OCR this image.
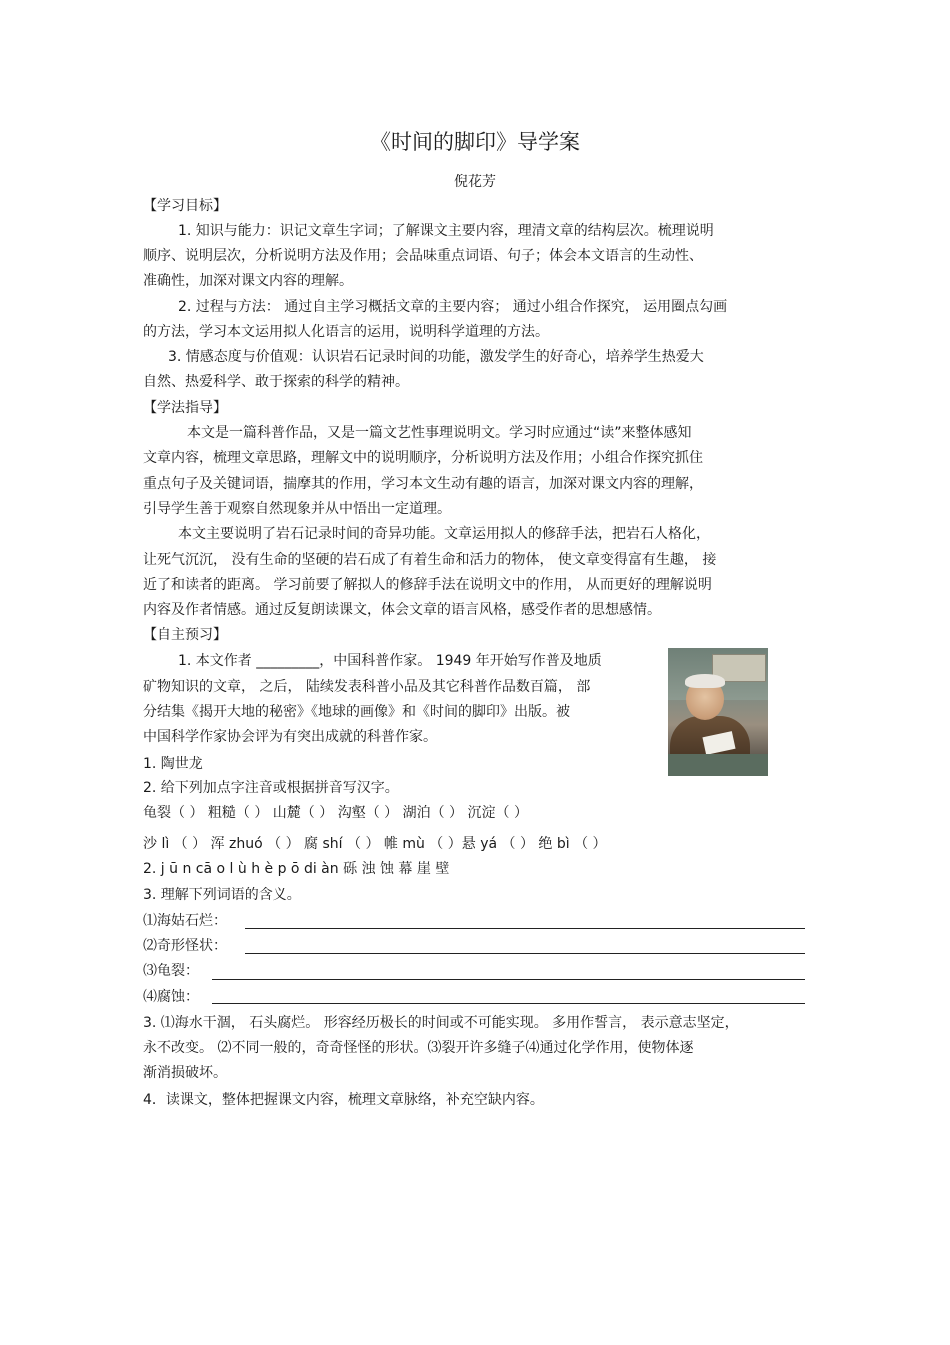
《时间的脚印》导学案
倪花芳
【学习目标】
1. 知识与能力：识记文章生字词；了解课文主要内容，理清文章的结构层次。梳理说明
顺序、说明层次，分析说明方法及作用；会品味重点词语、句子；体会本文语言的生动性、
准确性，加深对课文内容的理解。
2. 过程与方法： 通过自主学习概括文章的主要内容； 通过小组合作探究， 运用圈点勾画
的方法，学习本文运用拟人化语言的运用，说明科学道理的方法。
3. 情感态度与价值观：认识岩石记录时间的功能，激发学生的好奇心，培养学生热爱大
自然、热爱科学、敢于探索的科学的精神。
【学法指导】
本文是一篇科普作品，又是一篇文艺性事理说明文。学习时应通过“读”来整体感知
文章内容，梳理文章思路，理解文中的说明顺序，分析说明方法及作用；小组合作探究抓住
重点句子及关键词语，揣摩其的作用，学习本文生动有趣的语言，加深对课文内容的理解，
引导学生善于观察自然现象并从中悟出一定道理。
本文主要说明了岩石记录时间的奇异功能。文章运用拟人的修辞手法，把岩石人格化，
让死气沉沉， 没有生命的坚硬的岩石成了有着生命和活力的物体， 使文章变得富有生趣， 接
近了和读者的距离。 学习前要了解拟人的修辞手法在说明文中的作用， 从而更好的理解说明
内容及作者情感。通过反复朗读课文，体会文章的语言风格，感受作者的思想感情。
【自主预习】
1. 本文作者 _________，中国科普作家。 1949 年开始写作普及地质
矿物知识的文章， 之后， 陆续发表科普小品及其它科普作品数百篇， 部
分结集《揭开大地的秘密》《地球的画像》和《时间的脚印》出版。被
中国科学作家协会评为有突出成就的科普作家。
1. 陶世龙
2. 给下列加点字注音或根据拼音写汉字。
龟裂（ ） 粗糙（ ） 山麓（ ） 沟壑（ ） 湖泊（ ） 沉淀（ ）
沙 lì （ ） 浑 zhuó （ ） 腐 shí （ ） 帷 mù （ ）悬 yá （ ） 绝 bì （ ）
2. j ū n cā o l ù h è p ō di àn 砾 浊 蚀 幕 崖 壁
3. 理解下列词语的含义。
⑴海姑石烂：
⑵奇形怪状：
⑶龟裂：
⑷腐蚀：
3. ⑴海水干涸， 石头腐烂。 形容经历极长的时间或不可能实现。 多用作誓言， 表示意志坚定，
永不改变。 ⑵不同一般的，奇奇怪怪的形状。⑶裂开许多缝子⑷通过化学作用，使物体逐
渐消损破坏。
4．读课文，整体把握课文内容，梳理文章脉络，补充空缺内容。
